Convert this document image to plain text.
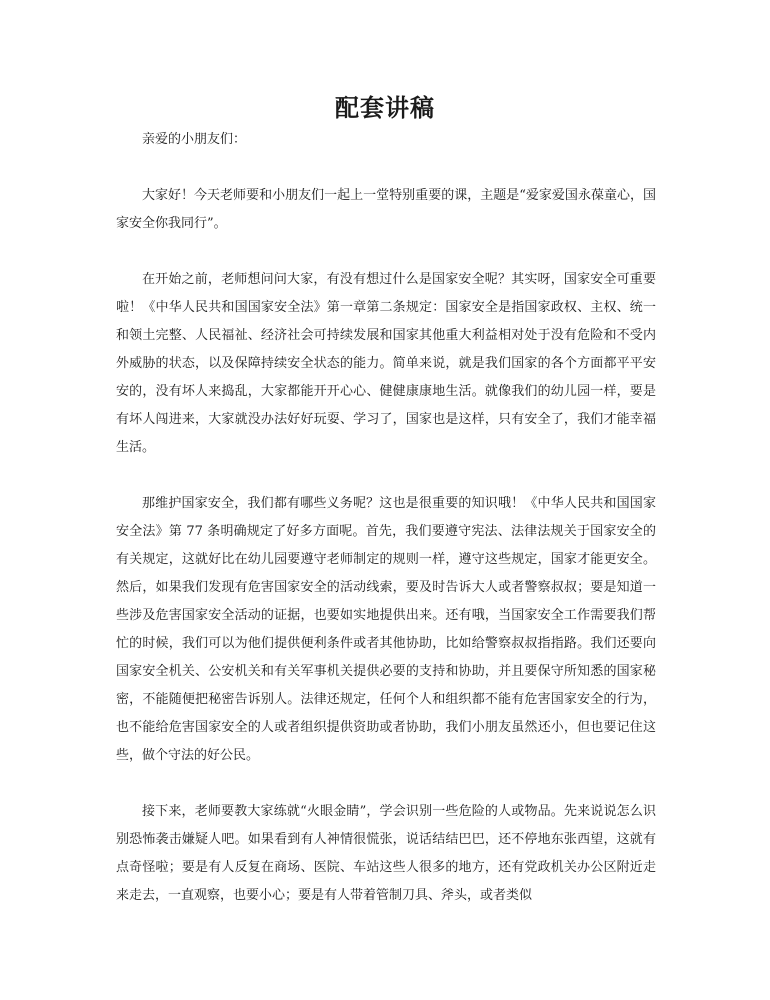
配套讲稿

亲爱的小朋友们：

大家好！今天老师要和小朋友们一起上一堂特别重要的课，主题是“爱家爱国永葆童心，国家安全你我同行”。

在开始之前，老师想问问大家，有没有想过什么是国家安全呢？其实呀，国家安全可重要啦！《中华人民共和国国家安全法》第一章第二条规定：国家安全是指国家政权、主权、统一和领土完整、人民福祉、经济社会可持续发展和国家其他重大利益相对处于没有危险和不受内外威胁的状态，以及保障持续安全状态的能力。简单来说，就是我们国家的各个方面都平平安安的，没有坏人来捣乱，大家都能开开心心、健健康康地生活。就像我们的幼儿园一样，要是有坏人闯进来，大家就没办法好好玩耍、学习了，国家也是这样，只有安全了，我们才能幸福生活。

那维护国家安全，我们都有哪些义务呢？这也是很重要的知识哦！《中华人民共和国国家安全法》第 77 条明确规定了好多方面呢。首先，我们要遵守宪法、法律法规关于国家安全的有关规定，这就好比在幼儿园要遵守老师制定的规则一样，遵守这些规定，国家才能更安全。然后，如果我们发现有危害国家安全的活动线索，要及时告诉大人或者警察叔叔；要是知道一些涉及危害国家安全活动的证据，也要如实地提供出来。还有哦，当国家安全工作需要我们帮忙的时候，我们可以为他们提供便利条件或者其他协助，比如给警察叔叔指指路。我们还要向国家安全机关、公安机关和有关军事机关提供必要的支持和协助，并且要保守所知悉的国家秘密，不能随便把秘密告诉别人。法律还规定，任何个人和组织都不能有危害国家安全的行为，也不能给危害国家安全的人或者组织提供资助或者协助，我们小朋友虽然还小，但也要记住这些，做个守法的好公民。

接下来，老师要教大家练就“火眼金睛”，学会识别一些危险的人或物品。先来说说怎么识别恐怖袭击嫌疑人吧。如果看到有人神情很慌张，说话结结巴巴，还不停地东张西望，这就有点奇怪啦；要是有人反复在商场、医院、车站这些人很多的地方，还有党政机关办公区附近走来走去，一直观察，也要小心；要是有人带着管制刀具、斧头，或者类似
